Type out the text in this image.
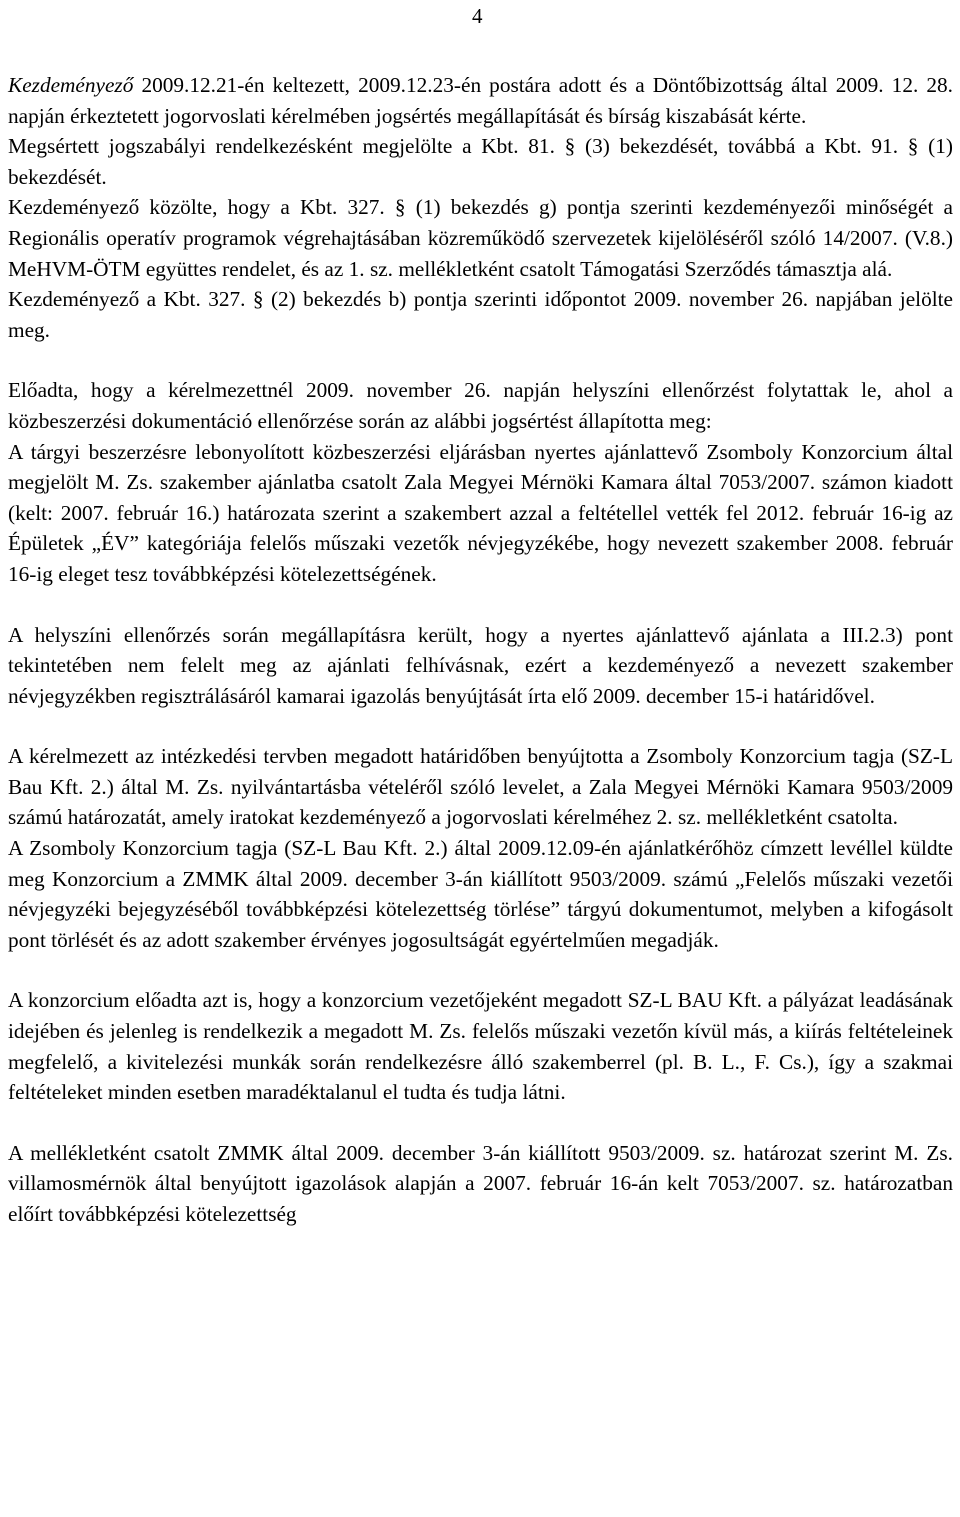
4

Kezdeményező 2009.12.21-én keltezett, 2009.12.23-én postára adott és a Döntőbizottság által 2009. 12. 28. napján érkeztetett jogorvoslati kérelmében jogsértés megállapítását és bírság kiszabását kérte.

Megsértett jogszabályi rendelkezésként megjelölte a Kbt. 81. § (3) bekezdését, továbbá a Kbt. 91. § (1) bekezdését.

Kezdeményező közölte, hogy a Kbt. 327. § (1) bekezdés g) pontja szerinti kezdeményezői minőségét a Regionális operatív programok végrehajtásában közreműködő szervezetek kijelöléséről szóló 14/2007. (V.8.) MeHVM-ÖTM együttes rendelet, és az 1. sz. mellékletként csatolt Támogatási Szerződés támasztja alá.

Kezdeményező a Kbt. 327. § (2) bekezdés b) pontja szerinti időpontot 2009. november 26. napjában jelölte meg.

Előadta, hogy a kérelmezettnél 2009. november 26. napján helyszíni ellenőrzést folytattak le, ahol a közbeszerzési dokumentáció ellenőrzése során az alábbi jogsértést állapította meg:

A tárgyi beszerzésre lebonyolított közbeszerzési eljárásban nyertes ajánlattevő Zsomboly Konzorcium által megjelölt M. Zs. szakember ajánlatba csatolt Zala Megyei Mérnöki Kamara által 7053/2007. számon kiadott (kelt: 2007. február 16.) határozata szerint a szakembert azzal a feltétellel vették fel 2012. február 16-ig az Épületek „ÉV” kategóriája felelős műszaki vezetők névjegyzékébe, hogy nevezett szakember 2008. február 16-ig eleget tesz továbbképzési kötelezettségének.

A helyszíni ellenőrzés során megállapításra került, hogy a nyertes ajánlattevő ajánlata a III.2.3) pont tekintetében nem felelt meg az ajánlati felhívásnak, ezért a kezdeményező a nevezett szakember névjegyzékben regisztrálásáról kamarai igazolás benyújtását írta elő 2009. december 15-i határidővel.

A kérelmezett az intézkedési tervben megadott határidőben benyújtotta a Zsomboly Konzorcium tagja (SZ-L Bau Kft. 2.) által M. Zs. nyilvántartásba vételéről szóló levelet, a Zala Megyei Mérnöki Kamara 9503/2009 számú határozatát, amely iratokat kezdeményező a jogorvoslati kérelméhez 2. sz. mellékletként csatolta.

A Zsomboly Konzorcium tagja (SZ-L Bau Kft. 2.) által 2009.12.09-én ajánlatkérőhöz címzett levéllel küldte meg Konzorcium a ZMMK által 2009. december 3-án kiállított 9503/2009. számú „Felelős műszaki vezetői névjegyzéki bejegyzéséből továbbképzési kötelezettség törlése” tárgyú dokumentumot, melyben a kifogásolt pont törlését és az adott szakember érvényes jogosultságát egyértelműen megadják.

A konzorcium előadta azt is, hogy a konzorcium vezetőjeként megadott SZ-L BAU Kft. a pályázat leadásának idejében és jelenleg is rendelkezik a megadott M. Zs. felelős műszaki vezetőn kívül más, a kiírás feltételeinek megfelelő, a kivitelezési munkák során rendelkezésre álló szakemberrel (pl. B. L., F. Cs.), így a szakmai feltételeket minden esetben maradéktalanul el tudta és tudja látni.

A mellékletként csatolt ZMMK által 2009. december 3-án kiállított 9503/2009. sz. határozat szerint M. Zs. villamosmérnök által benyújtott igazolások alapján a 2007. február 16-án kelt 7053/2007. sz. határozatban előírt továbbképzési kötelezettség
